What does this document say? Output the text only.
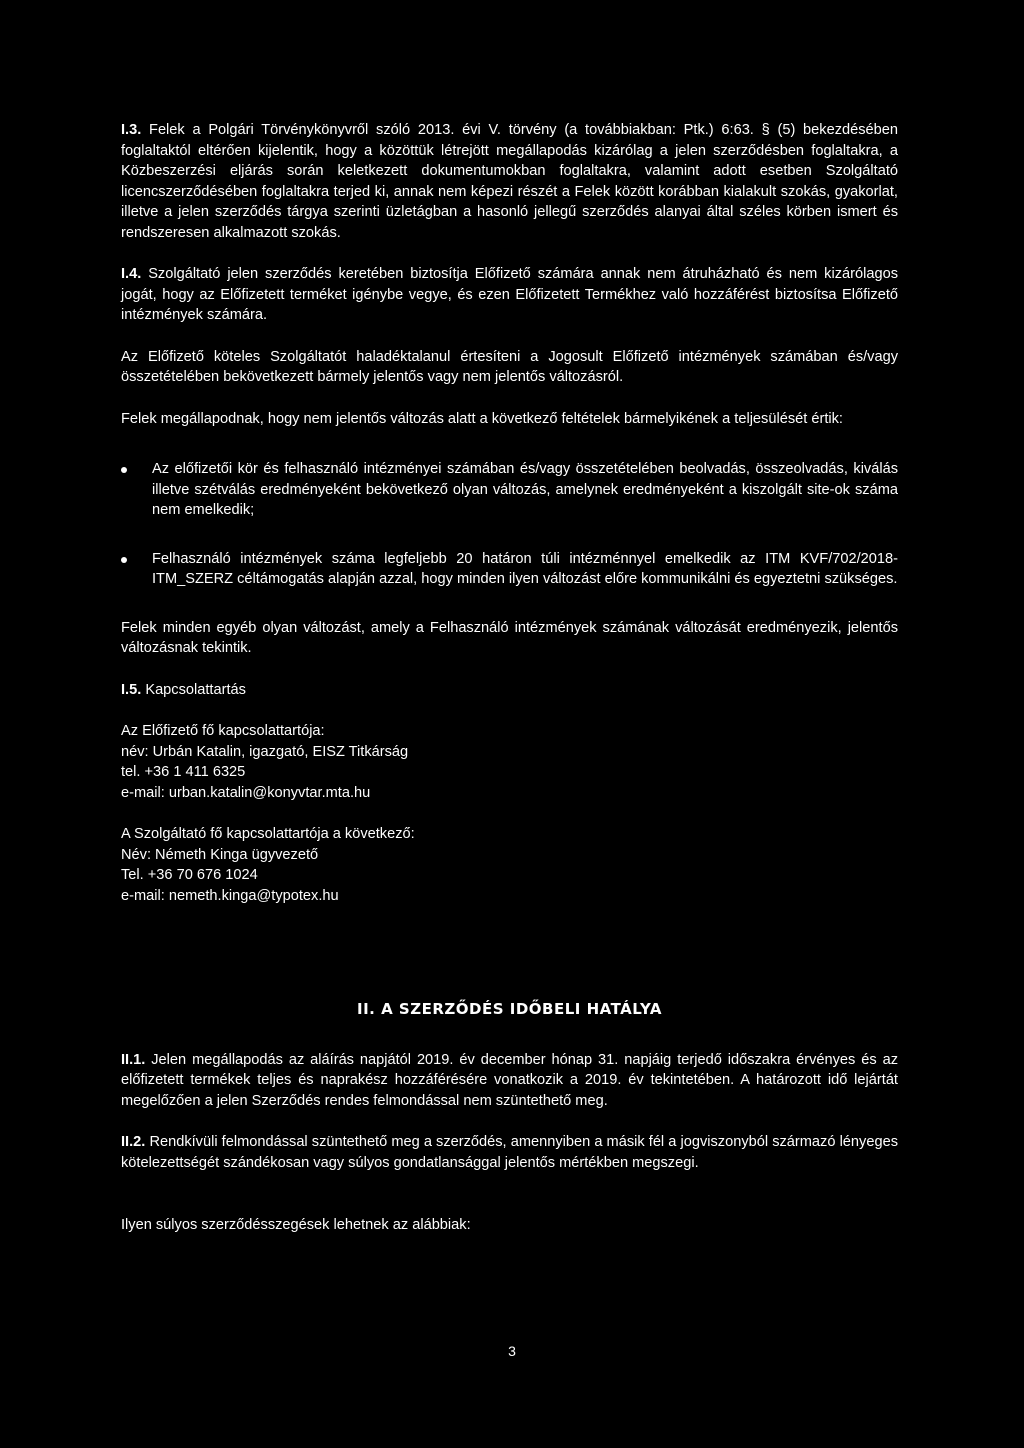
I.3. Felek a Polgári Törvénykönyvről szóló 2013. évi V. törvény (a továbbiakban: Ptk.) 6:63. § (5) bekezdésében foglaltaktól eltérően kijelentik, hogy a közöttük létrejött megállapodás kizárólag a jelen szerződésben foglaltakra, a Közbeszerzési eljárás során keletkezett dokumentumokban foglaltakra, valamint adott esetben Szolgáltató licencszerződésében foglaltakra terjed ki, annak nem képezi részét a Felek között korábban kialakult szokás, gyakorlat, illetve a jelen szerződés tárgya szerinti üzletágban a hasonló jellegű szerződés alanyai által széles körben ismert és rendszeresen alkalmazott szokás.

I.4. Szolgáltató jelen szerződés keretében biztosítja Előfizető számára annak nem átruházható és nem kizárólagos jogát, hogy az Előfizetett terméket igénybe vegye, és ezen Előfizetett Termékhez való hozzáférést biztosítsa Előfizető intézmények számára.

Az Előfizető köteles Szolgáltatót haladéktalanul értesíteni a Jogosult Előfizető intézmények számában és/vagy összetételében bekövetkezett bármely jelentős vagy nem jelentős változásról.

Felek megállapodnak, hogy nem jelentős változás alatt a következő feltételek bármelyikének a teljesülését értik:

Az előfizetői kör és felhasználó intézményei számában és/vagy összetételében beolvadás, összeolvadás, kiválás illetve szétválás eredményeként bekövetkező olyan változás, amelynek eredményeként a kiszolgált site-ok száma nem emelkedik;
Felhasználó intézmények száma legfeljebb 20 határon túli intézménnyel emelkedik az ITM KVF/702/2018-ITM_SZERZ céltámogatás alapján azzal, hogy minden ilyen változást előre kommunikálni és egyeztetni szükséges.

Felek minden egyéb olyan változást, amely a Felhasználó intézmények számának változását eredményezik, jelentős változásnak tekintik.

I.5. Kapcsolattartás

Az Előfizető fő kapcsolattartója:

név: Urbán Katalin, igazgató, EISZ Titkárság

tel. +36 1 411 6325

e-mail: urban.katalin@konyvtar.mta.hu

A Szolgáltató fő kapcsolattartója a következő:

Név: Németh Kinga ügyvezető

Tel. +36 70 676 1024

e-mail: nemeth.kinga@typotex.hu

II. A SZERZŐDÉS IDŐBELI HATÁLYA

II.1. Jelen megállapodás az aláírás napjától 2019. év december hónap 31. napjáig terjedő időszakra érvényes és az előfizetett termékek teljes és naprakész hozzáférésére vonatkozik a 2019. év tekintetében. A határozott idő lejártát megelőzően a jelen Szerződés rendes felmondással nem szüntethető meg.

II.2. Rendkívüli felmondással szüntethető meg a szerződés, amennyiben a másik fél a jogviszonyból származó lényeges kötelezettségét szándékosan vagy súlyos gondatlansággal jelentős mértékben megszegi.

Ilyen súlyos szerződésszegések lehetnek az alábbiak:

3
